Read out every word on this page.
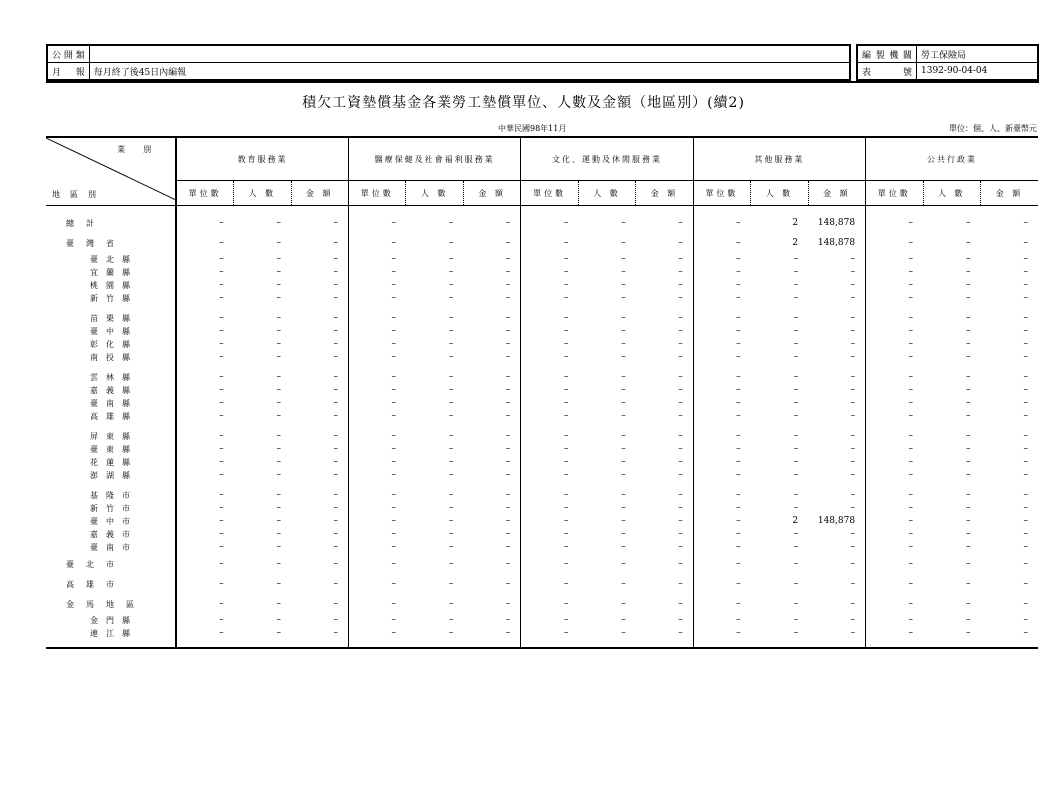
公 開 類	
月 報	每月終了後45日內編報
編製機關	勞工保險局
表 號	1392-90-04-04
積欠工資墊償基金各業勞工墊償單位、人數及金額（地區別）(續2)
中華民國98年11月	單位：個、人、新臺幣元
業別
地區別	教育服務業			醫療保健及社會福利服務業			文化、運動及休閒服務業			其他服務業			公共行政業		
	單位數	人 數	金 額	單位數	人 數	金 額	單位數	人 數	金 額	單位數	人 數	金 額	單位數	人 數	金 額

總計	–	–	–	–	–	–	–	–	–	–	2	148,878	–	–	–
臺灣省	–	–	–	–	–	–	–	–	–	–	2	148,878	–	–	–
臺北縣	–	–	–	–	–	–	–	–	–	–	–	–	–	–	–
宜蘭縣	–	–	–	–	–	–	–	–	–	–	–	–	–	–	–
桃園縣	–	–	–	–	–	–	–	–	–	–	–	–	–	–	–
新竹縣	–	–	–	–	–	–	–	–	–	–	–	–	–	–	–

苗栗縣	–	–	–	–	–	–	–	–	–	–	–	–	–	–	–
臺中縣	–	–	–	–	–	–	–	–	–	–	–	–	–	–	–
彰化縣	–	–	–	–	–	–	–	–	–	–	–	–	–	–	–
南投縣	–	–	–	–	–	–	–	–	–	–	–	–	–	–	–

雲林縣	–	–	–	–	–	–	–	–	–	–	–	–	–	–	–
嘉義縣	–	–	–	–	–	–	–	–	–	–	–	–	–	–	–
臺南縣	–	–	–	–	–	–	–	–	–	–	–	–	–	–	–
高雄縣	–	–	–	–	–	–	–	–	–	–	–	–	–	–	–

屏東縣	–	–	–	–	–	–	–	–	–	–	–	–	–	–	–
臺東縣	–	–	–	–	–	–	–	–	–	–	–	–	–	–	–
花蓮縣	–	–	–	–	–	–	–	–	–	–	–	–	–	–	–
澎湖縣	–	–	–	–	–	–	–	–	–	–	–	–	–	–	–

基隆市	–	–	–	–	–	–	–	–	–	–	–	–	–	–	–
新竹市	–	–	–	–	–	–	–	–	–	–	–	–	–	–	–
臺中市	–	–	–	–	–	–	–	–	–	–	2	148,878	–	–	–
嘉義市	–	–	–	–	–	–	–	–	–	–	–	–	–	–	–
臺南市	–	–	–	–	–	–	–	–	–	–	–	–	–	–	–
臺北市	–	–	–	–	–	–	–	–	–	–	–	–	–	–	–
高雄市	–	–	–	–	–	–	–	–	–	–	–	–	–	–	–
金馬地區	–	–	–	–	–	–	–	–	–	–	–	–	–	–	–
金門縣	–	–	–	–	–	–	–	–	–	–	–	–	–	–	–
連江縣	–	–	–	–	–	–	–	–	–	–	–	–	–	–	–
